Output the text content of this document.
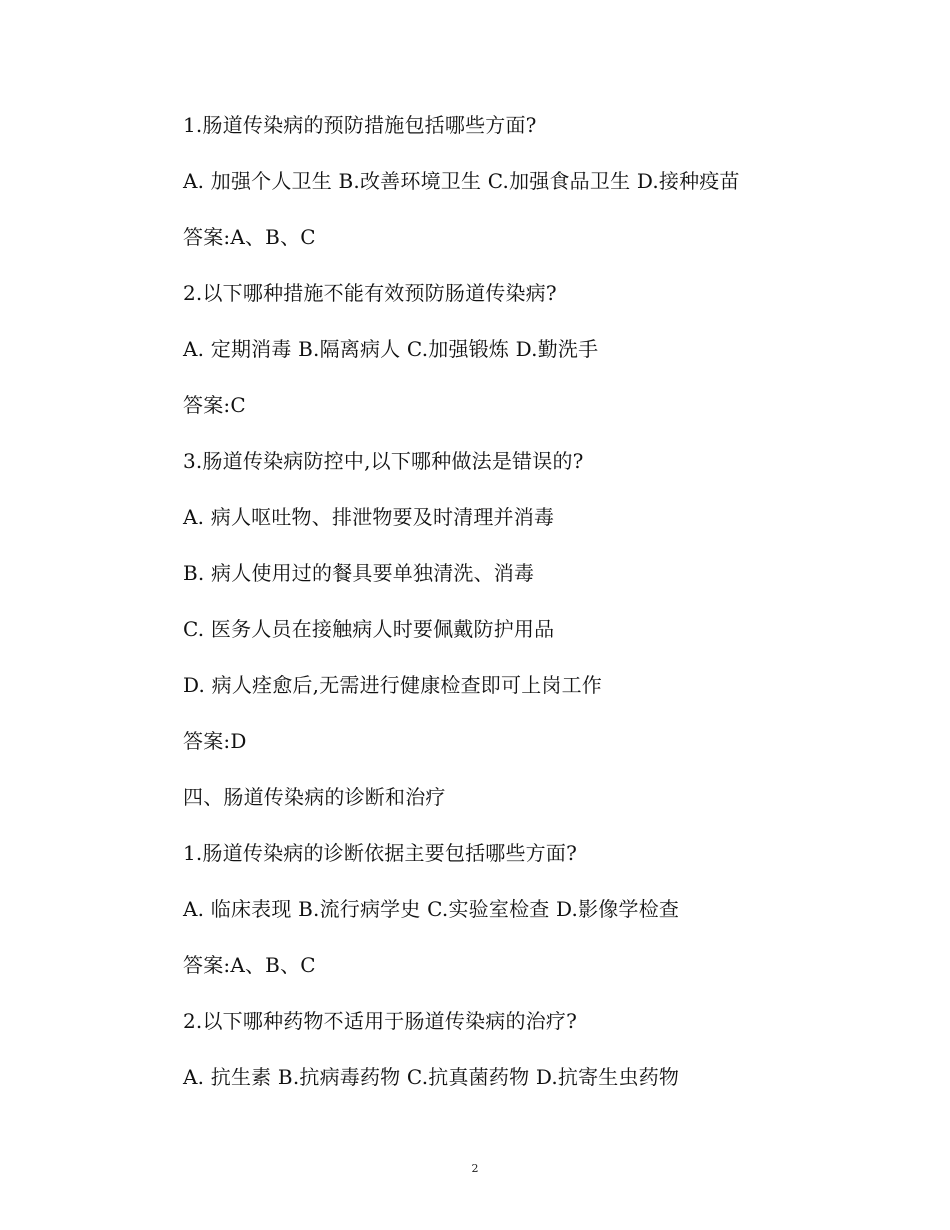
1.肠道传染病的预防措施包括哪些方面?
A. 加强个人卫生 B.改善环境卫生 C.加强食品卫生 D.接种疫苗
答案:A、B、C
2.以下哪种措施不能有效预防肠道传染病?
A. 定期消毒 B.隔离病人 C.加强锻炼 D.勤洗手
答案:C
3.肠道传染病防控中,以下哪种做法是错误的?
A. 病人呕吐物、排泄物要及时清理并消毒
B. 病人使用过的餐具要单独清洗、消毒
C. 医务人员在接触病人时要佩戴防护用品
D. 病人痊愈后,无需进行健康检查即可上岗工作
答案:D
四、肠道传染病的诊断和治疗
1.肠道传染病的诊断依据主要包括哪些方面?
A. 临床表现 B.流行病学史 C.实验室检查 D.影像学检查
答案:A、B、C
2.以下哪种药物不适用于肠道传染病的治疗?
A. 抗生素 B.抗病毒药物 C.抗真菌药物 D.抗寄生虫药物
2
